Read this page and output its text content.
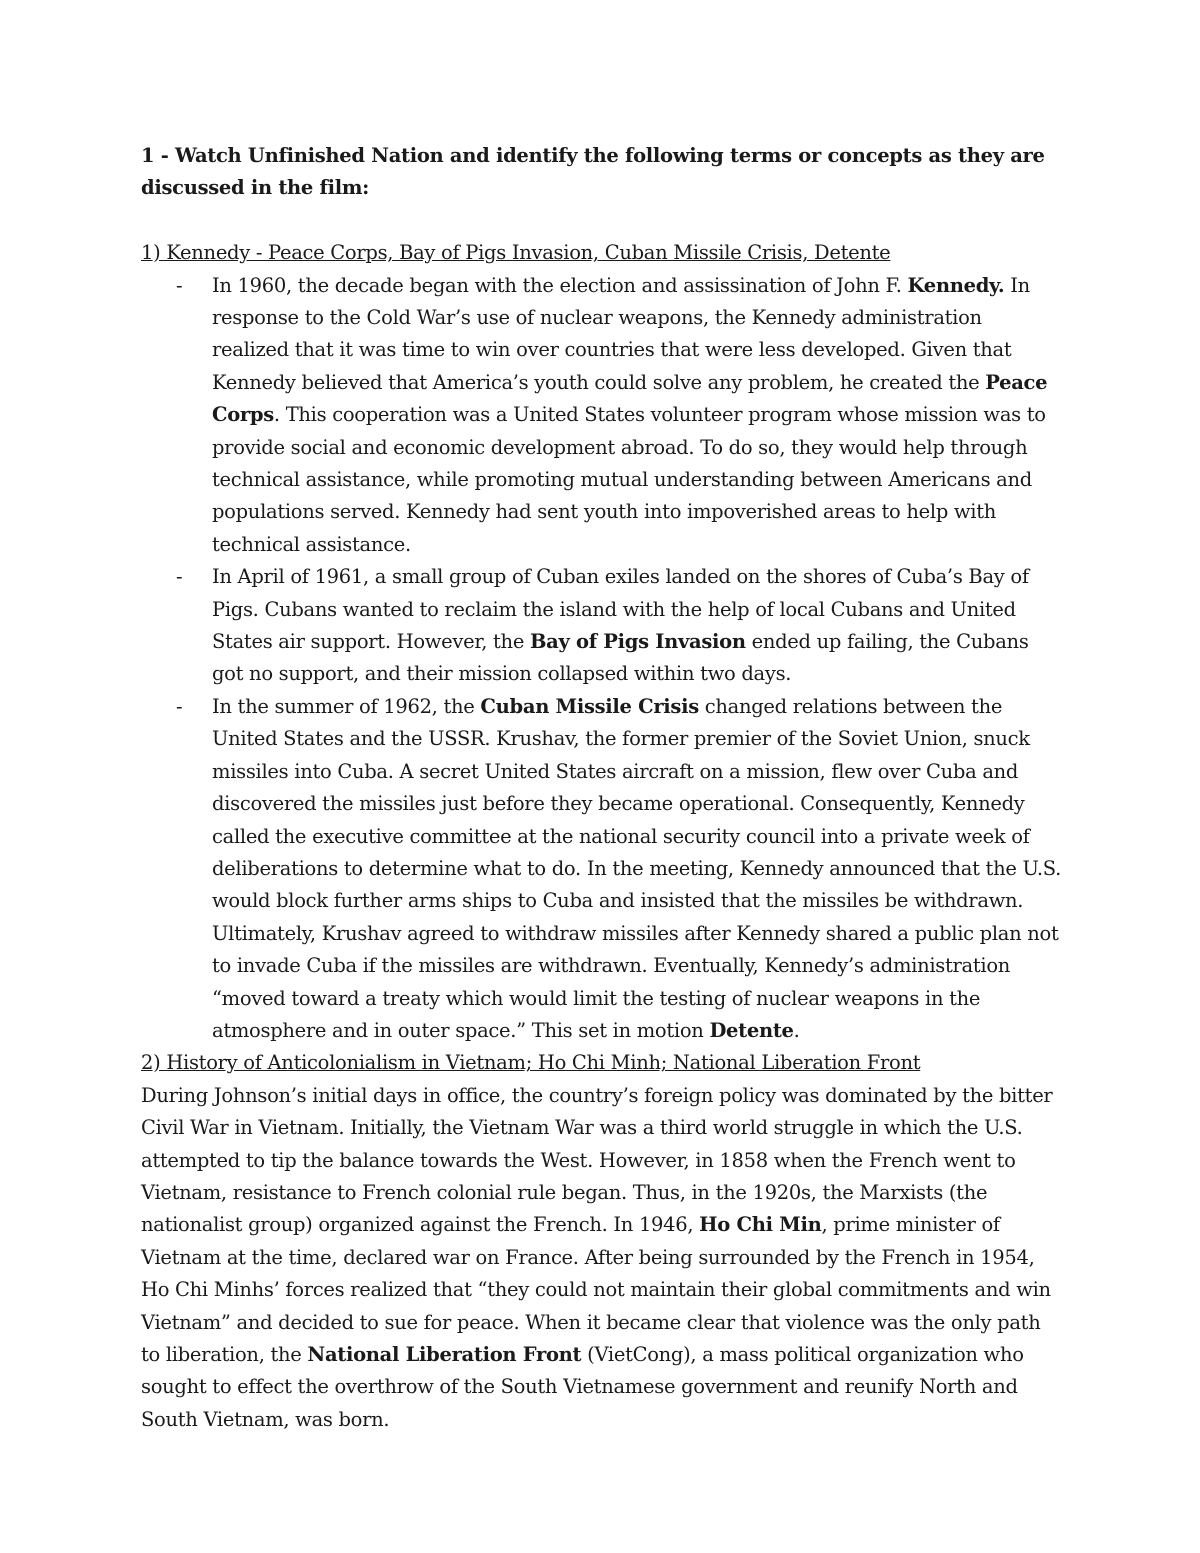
1 - Watch Unfinished Nation and identify the following terms or concepts as they are discussed in the film:

1) Kennedy - Peace Corps, Bay of Pigs Invasion, Cuban Missile Crisis, Detente

- In 1960, the decade began with the election and assissination of John F. Kennedy. In response to the Cold War’s use of nuclear weapons, the Kennedy administration realized that it was time to win over countries that were less developed. Given that Kennedy believed that America’s youth could solve any problem, he created the Peace Corps. This cooperation was a United States volunteer program whose mission was to provide social and economic development abroad. To do so, they would help through technical assistance, while promoting mutual understanding between Americans and populations served. Kennedy had sent youth into impoverished areas to help with technical assistance.
- In April of 1961, a small group of Cuban exiles landed on the shores of Cuba’s Bay of Pigs. Cubans wanted to reclaim the island with the help of local Cubans and United States air support. However, the Bay of Pigs Invasion ended up failing, the Cubans got no support, and their mission collapsed within two days.
- In the summer of 1962, the Cuban Missile Crisis changed relations between the United States and the USSR. Krushav, the former premier of the Soviet Union, snuck missiles into Cuba. A secret United States aircraft on a mission, flew over Cuba and discovered the missiles just before they became operational. Consequently, Kennedy called the executive committee at the national security council into a private week of deliberations to determine what to do. In the meeting, Kennedy announced that the U.S. would block further arms ships to Cuba and insisted that the missiles be withdrawn. Ultimately, Krushav agreed to withdraw missiles after Kennedy shared a public plan not to invade Cuba if the missiles are withdrawn. Eventually, Kennedy’s administration “moved toward a treaty which would limit the testing of nuclear weapons in the atmosphere and in outer space.” This set in motion Detente.

2) History of Anticolonialism in Vietnam; Ho Chi Minh; National Liberation Front

During Johnson’s initial days in office, the country’s foreign policy was dominated by the bitter Civil War in Vietnam. Initially, the Vietnam War was a third world struggle in which the U.S. attempted to tip the balance towards the West. However, in 1858 when the French went to Vietnam, resistance to French colonial rule began. Thus, in the 1920s, the Marxists (the nationalist group) organized against the French. In 1946, Ho Chi Min, prime minister of Vietnam at the time, declared war on France. After being surrounded by the French in 1954, Ho Chi Minhs’ forces realized that “they could not maintain their global commitments and win Vietnam” and decided to sue for peace. When it became clear that violence was the only path to liberation, the National Liberation Front (VietCong), a mass political organization who sought to effect the overthrow of the South Vietnamese government and reunify North and South Vietnam, was born.
